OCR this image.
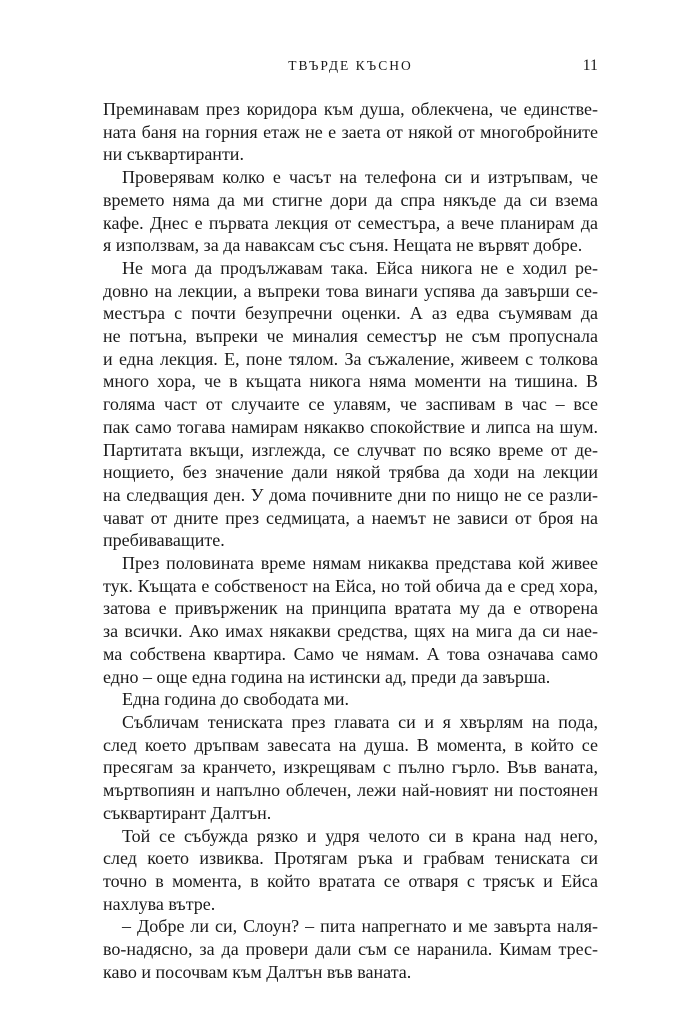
ТВЪРДЕ КЪСНО	11
Преминавам през коридора към душа, облекчена, че единстве-
ната баня на горния етаж не е заета от някой от многобройните
ни съквартиранти.
Проверявам колко е часът на телефона си и изтръпвам, че
времето няма да ми стигне дори да спра някъде да си взема
кафе. Днес е първата лекция от семестъра, а вече планирам да
я използвам, за да наваксам със съня. Нещата не вървят добре.
Не мога да продължавам така. Ейса никога не е ходил ре-
довно на лекции, а въпреки това винаги успява да завърши се-
местъра с почти безупречни оценки. А аз едва съумявам да
не потъна, въпреки че миналия семестър не съм пропуснала
и една лекция. Е, поне тялом. За съжаление, живеем с толкова
много хора, че в къщата никога няма моменти на тишина. В
голяма част от случаите се улавям, че заспивам в час – все
пак само тогава намирам някакво спокойствие и липса на шум.
Партитата вкъщи, изглежда, се случват по всяко време от де-
нощието, без значение дали някой трябва да ходи на лекции
на следващия ден. У дома почивните дни по нищо не се разли-
чават от дните през седмицата, а наемът не зависи от броя на
пребиваващите.
През половината време нямам никаква представа кой живее
тук. Къщата е собственост на Ейса, но той обича да е сред хора,
затова е привърженик на принципа вратата му да е отворена
за всички. Ако имах някакви средства, щях на мига да си нае-
ма собствена квартира. Само че нямам. А това означава само
едно – още една година на истински ад, преди да завърша.
Една година до свободата ми.
Събличам тениската през главата си и я хвърлям на пода,
след което дръпвам завесата на душа. В момента, в който се
пресягам за кранчето, изкрещявам с пълно гърло. Във ваната,
мъртвопиян и напълно облечен, лежи най-новият ни постоянен
съквартирант Далтън.
Той се събужда рязко и удря челото си в крана над него,
след което извиква. Протягам ръка и грабвам тениската си
точно в момента, в който вратата се отваря с трясък и Ейса
нахлува вътре.
– Добре ли си, Слоун? – пита напрегнато и ме завърта наля-
во-надясно, за да провери дали съм се наранила. Кимам трес-
каво и посочвам към Далтън във ваната.
